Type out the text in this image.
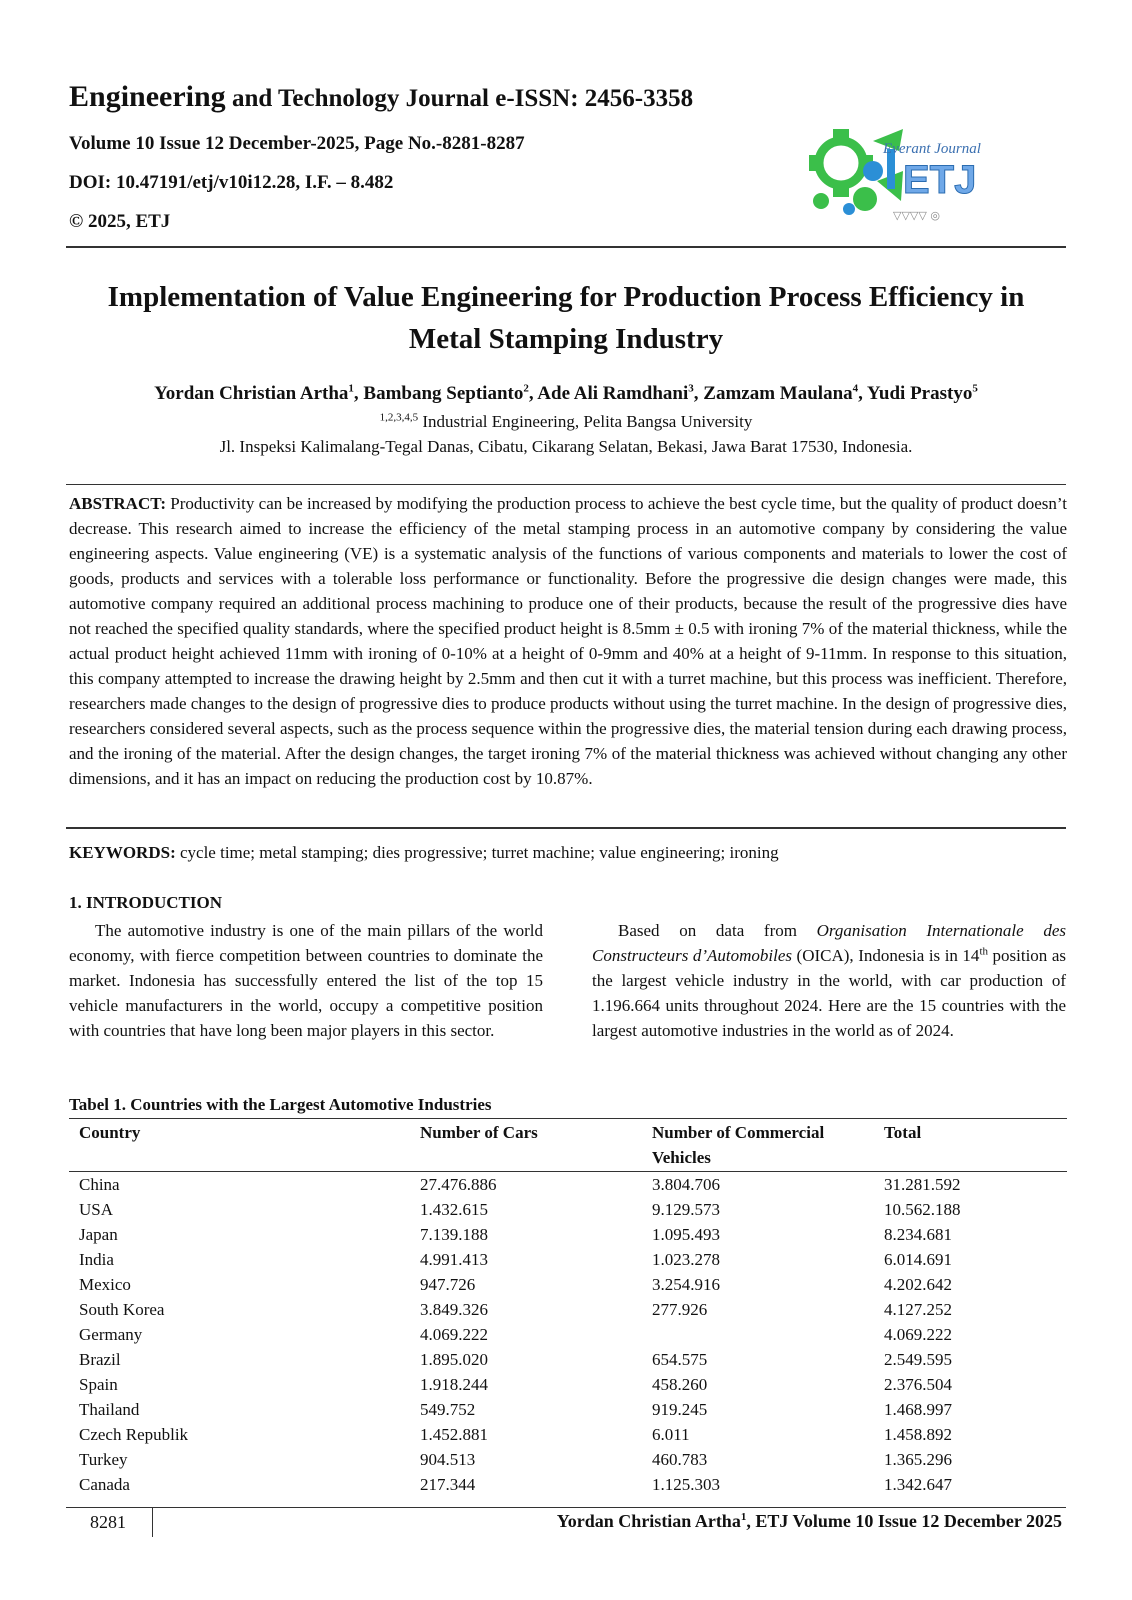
Engineering and Technology Journal e-ISSN: 2456-3358
Volume 10 Issue 12 December-2025, Page No.-8281-8287
DOI: 10.47191/etj/v10i12.28, I.F. – 8.482
© 2025, ETJ
Everant Journal
ETJ
▽▽▽▽ ◎
Implementation of Value Engineering for Production Process Efficiency in
Metal Stamping Industry
Yordan Christian Artha$^1$, Bambang Septianto$^2$, Ade Ali Ramdhani$^3$, Zamzam Maulana$^4$, Yudi Prastyo$^5$
$^{1,2,3,4,5}$ Industrial Engineering, Pelita Bangsa University
Jl. Inspeksi Kalimalang-Tegal Danas, Cibatu, Cikarang Selatan, Bekasi, Jawa Barat 17530, Indonesia.
ABSTRACT: Productivity can be increased by modifying the production process to achieve the best cycle time, but the quality of product doesn’t decrease. This research aimed to increase the efficiency of the metal stamping process in an automotive company by considering the value engineering aspects. Value engineering (VE) is a systematic analysis of the functions of various components and materials to lower the cost of goods, products and services with a tolerable loss performance or functionality. Before the progressive die design changes were made, this automotive company required an additional process machining to produce one of their products, because the result of the progressive dies have not reached the specified quality standards, where the specified product height is 8.5mm ± 0.5 with ironing 7% of the material thickness, while the actual product height achieved 11mm with ironing of 0-10% at a height of 0-9mm and 40% at a height of 9-11mm. In response to this situation, this company attempted to increase the drawing height by 2.5mm and then cut it with a turret machine, but this process was inefficient. Therefore, researchers made changes to the design of progressive dies to produce products without using the turret machine. In the design of progressive dies, researchers considered several aspects, such as the process sequence within the progressive dies, the material tension during each drawing process, and the ironing of the material. After the design changes, the target ironing 7% of the material thickness was achieved without changing any other dimensions, and it has an impact on reducing the production cost by 10.87%.
KEYWORDS: cycle time; metal stamping; dies progressive; turret machine; value engineering; ironing
1. INTRODUCTION
The automotive industry is one of the main pillars of the world economy, with fierce competition between countries to dominate the market. Indonesia has successfully entered the list of the top 15 vehicle manufacturers in the world, occupy a competitive position with countries that have long been major players in this sector.
Based on data from Organisation Internationale des Constructeurs d’Automobiles (OICA), Indonesia is in 14th position as the largest vehicle industry in the world, with car production of 1.196.664 units throughout 2024. Here are the 15 countries with the largest automotive industries in the world as of 2024.
Tabel 1. Countries with the Largest Automotive Industries
Country	Number of Cars	Number of Commercial Vehicles	Total
China	27.476.886	3.804.706	31.281.592
USA	1.432.615	9.129.573	10.562.188
Japan	7.139.188	1.095.493	8.234.681
India	4.991.413	1.023.278	6.014.691
Mexico	947.726	3.254.916	4.202.642
South Korea	3.849.326	277.926	4.127.252
Germany	4.069.222		4.069.222
Brazil	1.895.020	654.575	2.549.595
Spain	1.918.244	458.260	2.376.504
Thailand	549.752	919.245	1.468.997
Czech Republik	1.452.881	6.011	1.458.892
Turkey	904.513	460.783	1.365.296
Canada	217.344	1.125.303	1.342.647
8281	Yordan Christian Artha$^1$, ETJ Volume 10 Issue 12 December 2025
